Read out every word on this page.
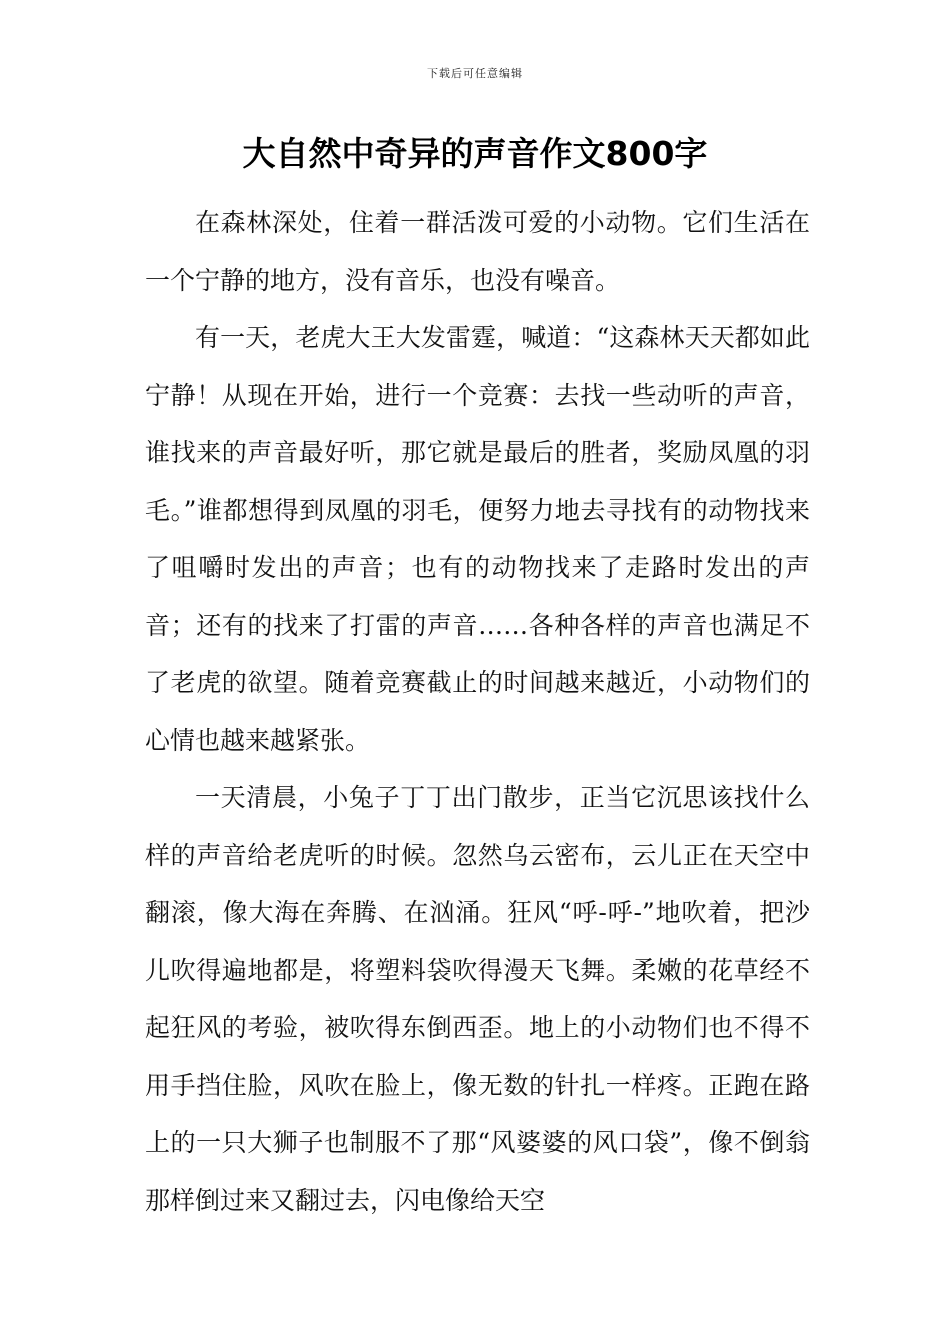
下载后可任意编辑
大自然中奇异的声音作文800字

在森林深处，住着一群活泼可爱的小动物。它们生活在一个宁静的地方，没有音乐，也没有噪音。

有一天，老虎大王大发雷霆，喊道：“这森林天天都如此宁静！从现在开始，进行一个竞赛：去找一些动听的声音，谁找来的声音最好听，那它就是最后的胜者，奖励凤凰的羽毛。”谁都想得到凤凰的羽毛，便努力地去寻找有的动物找来了咀嚼时发出的声音；也有的动物找来了走路时发出的声音；还有的找来了打雷的声音……各种各样的声音也满足不了老虎的欲望。随着竞赛截止的时间越来越近，小动物们的心情也越来越紧张。

一天清晨，小兔子丁丁出门散步，正当它沉思该找什么样的声音给老虎听的时候。忽然乌云密布，云儿正在天空中翻滚，像大海在奔腾、在汹涌。狂风“呼-呼-”地吹着，把沙儿吹得遍地都是，将塑料袋吹得漫天飞舞。柔嫩的花草经不起狂风的考验，被吹得东倒西歪。地上的小动物们也不得不用手挡住脸，风吹在脸上，像无数的针扎一样疼。正跑在路上的一只大狮子也制服不了那“风婆婆的风口袋”，像不倒翁那样倒过来又翻过去，闪电像给天空
